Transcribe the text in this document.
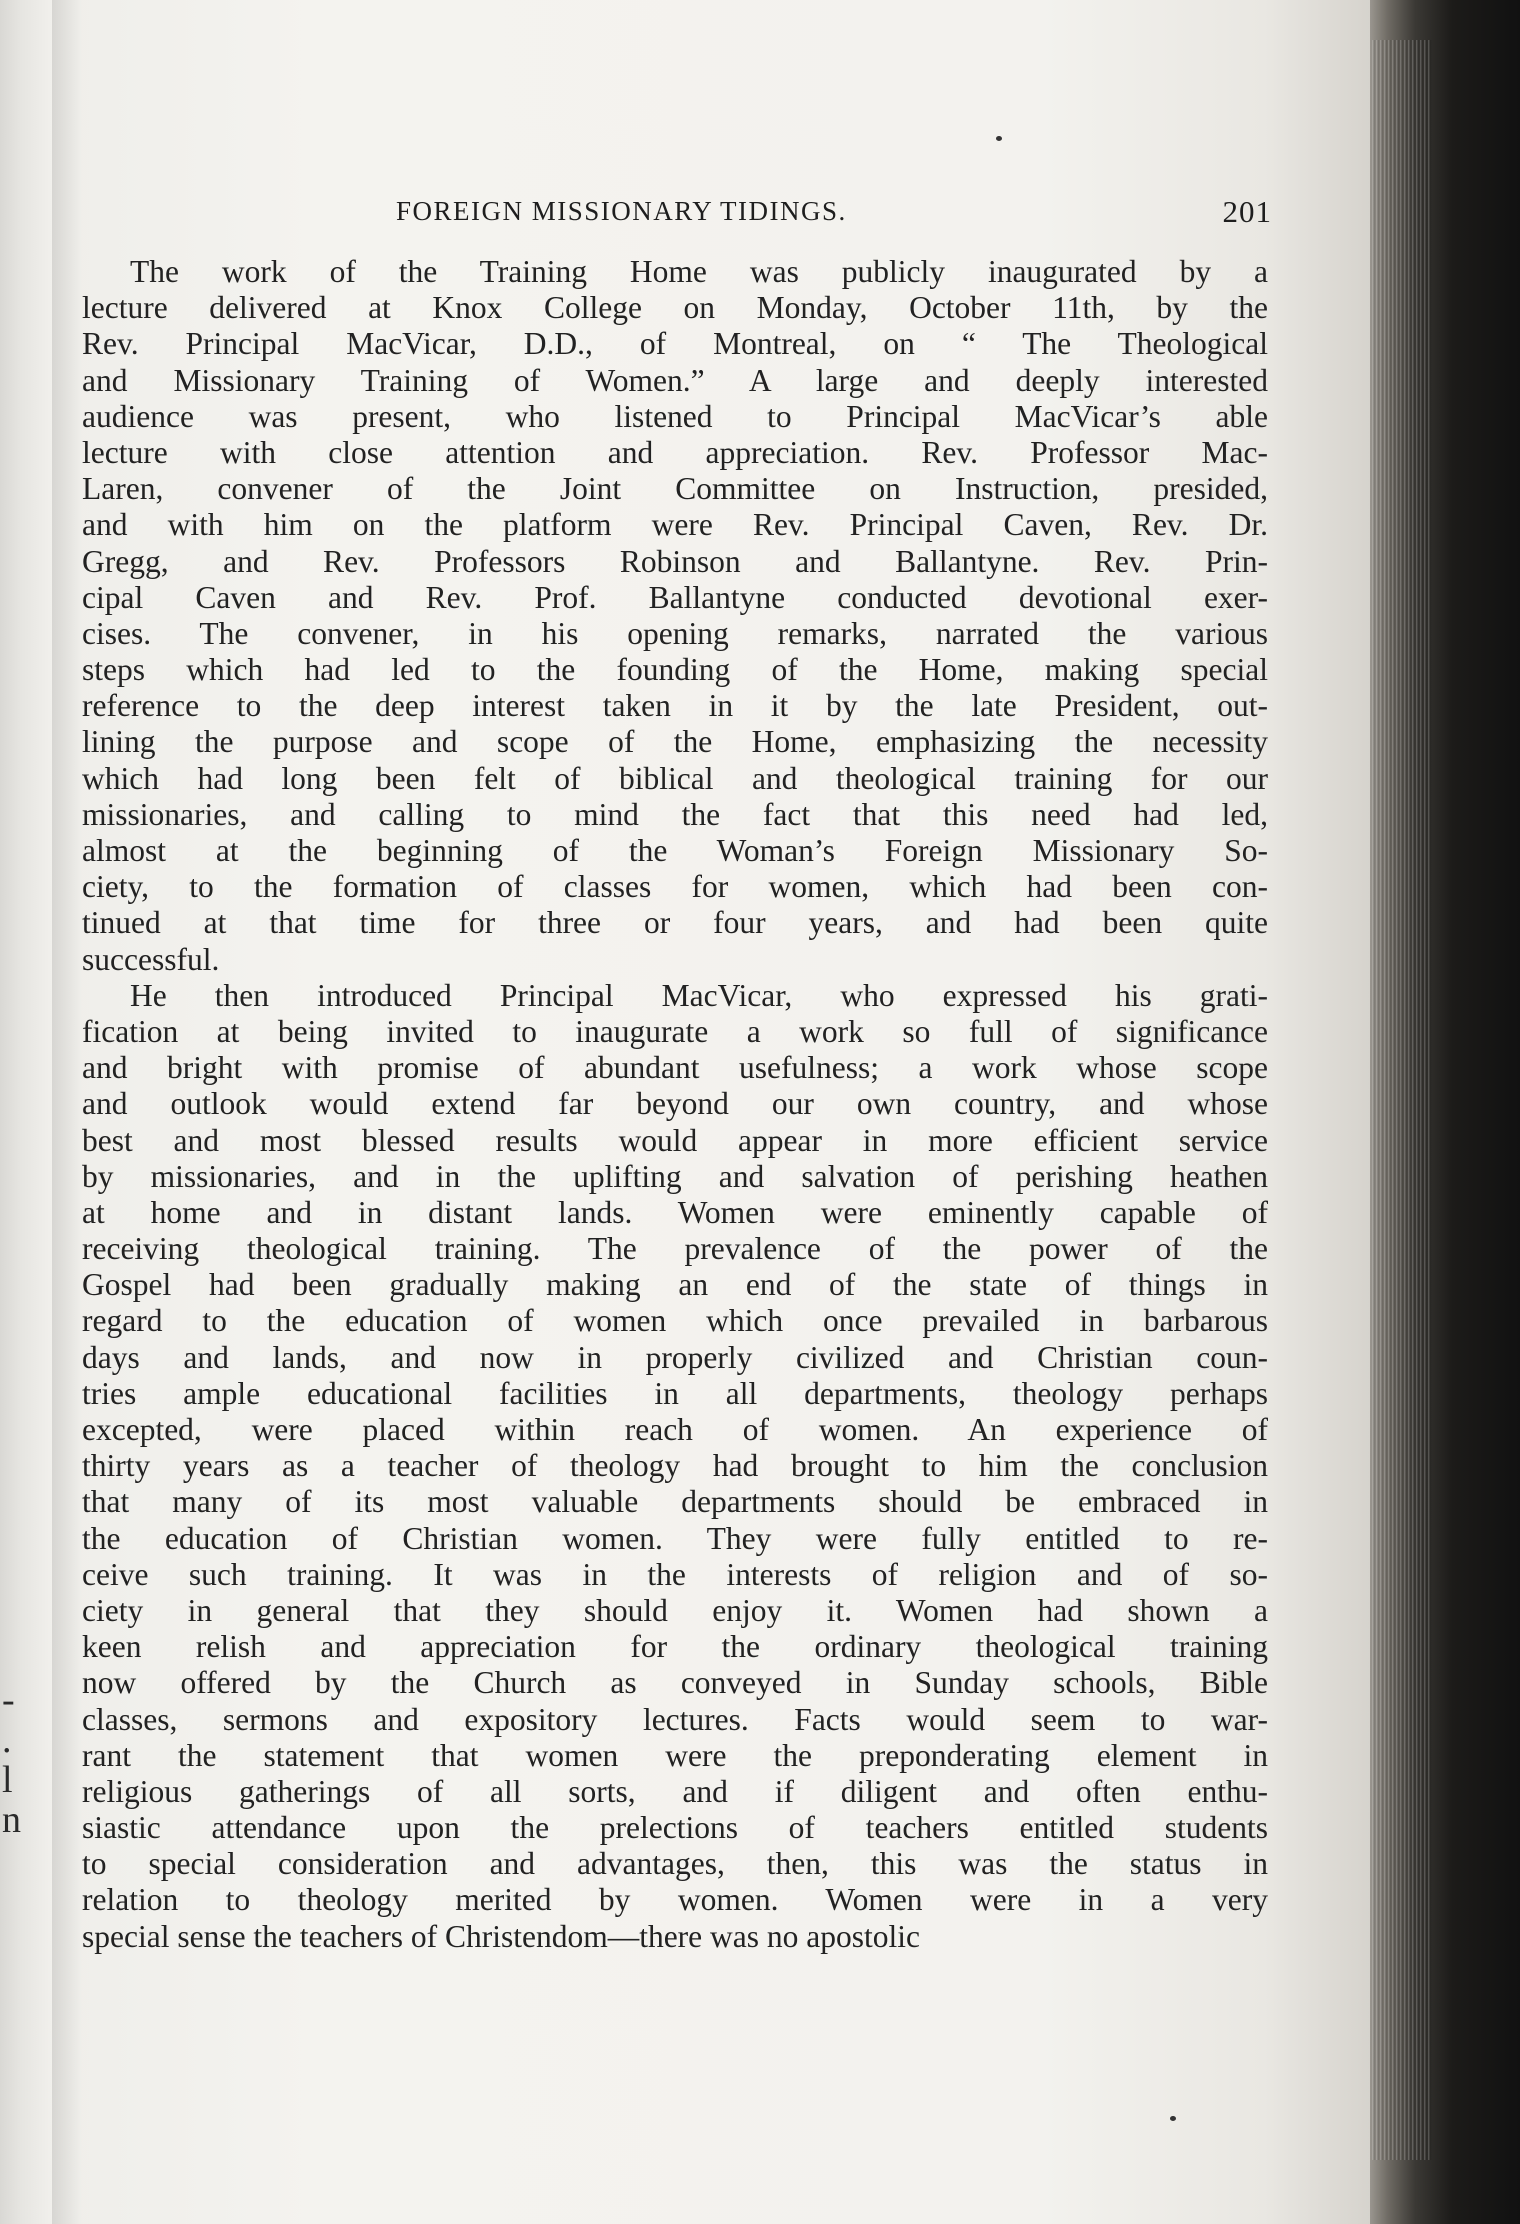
-
.
l
n
FOREIGN MISSIONARY TIDINGS.	201
The work of the Training Home was publicly inaugurated by a
lecture delivered at Knox College on Monday, October 11th, by the
Rev. Principal MacVicar, D.D., of Montreal, on “ The Theological
and Missionary Training of Women.” A large and deeply interested
audience was present, who listened to Principal MacVicar’s able
lecture with close attention and appreciation. Rev. Professor Mac-
Laren, convener of the Joint Committee on Instruction, presided,
and with him on the platform were Rev. Principal Caven, Rev. Dr.
Gregg, and Rev. Professors Robinson and Ballantyne. Rev. Prin-
cipal Caven and Rev. Prof. Ballantyne conducted devotional exer-
cises. The convener, in his opening remarks, narrated the various
steps which had led to the founding of the Home, making special
reference to the deep interest taken in it by the late President, out-
lining the purpose and scope of the Home, emphasizing the necessity
which had long been felt of biblical and theological training for our
missionaries, and calling to mind the fact that this need had led,
almost at the beginning of the Woman’s Foreign Missionary So-
ciety, to the formation of classes for women, which had been con-
tinued at that time for three or four years, and had been quite
successful.
He then introduced Principal MacVicar, who expressed his grati-
fication at being invited to inaugurate a work so full of significance
and bright with promise of abundant usefulness; a work whose scope
and outlook would extend far beyond our own country, and whose
best and most blessed results would appear in more efficient service
by missionaries, and in the uplifting and salvation of perishing heathen
at home and in distant lands. Women were eminently capable of
receiving theological training. The prevalence of the power of the
Gospel had been gradually making an end of the state of things in
regard to the education of women which once prevailed in barbarous
days and lands, and now in properly civilized and Christian coun-
tries ample educational facilities in all departments, theology perhaps
excepted, were placed within reach of women. An experience of
thirty years as a teacher of theology had brought to him the conclusion
that many of its most valuable departments should be embraced in
the education of Christian women. They were fully entitled to re-
ceive such training. It was in the interests of religion and of so-
ciety in general that they should enjoy it. Women had shown a
keen relish and appreciation for the ordinary theological training
now offered by the Church as conveyed in Sunday schools, Bible
classes, sermons and expository lectures. Facts would seem to war-
rant the statement that women were the preponderating element in
religious gatherings of all sorts, and if diligent and often enthu-
siastic attendance upon the prelections of teachers entitled students
to special consideration and advantages, then, this was the status in
relation to theology merited by women. Women were in a very
special sense the teachers of Christendom—there was no apostolic
